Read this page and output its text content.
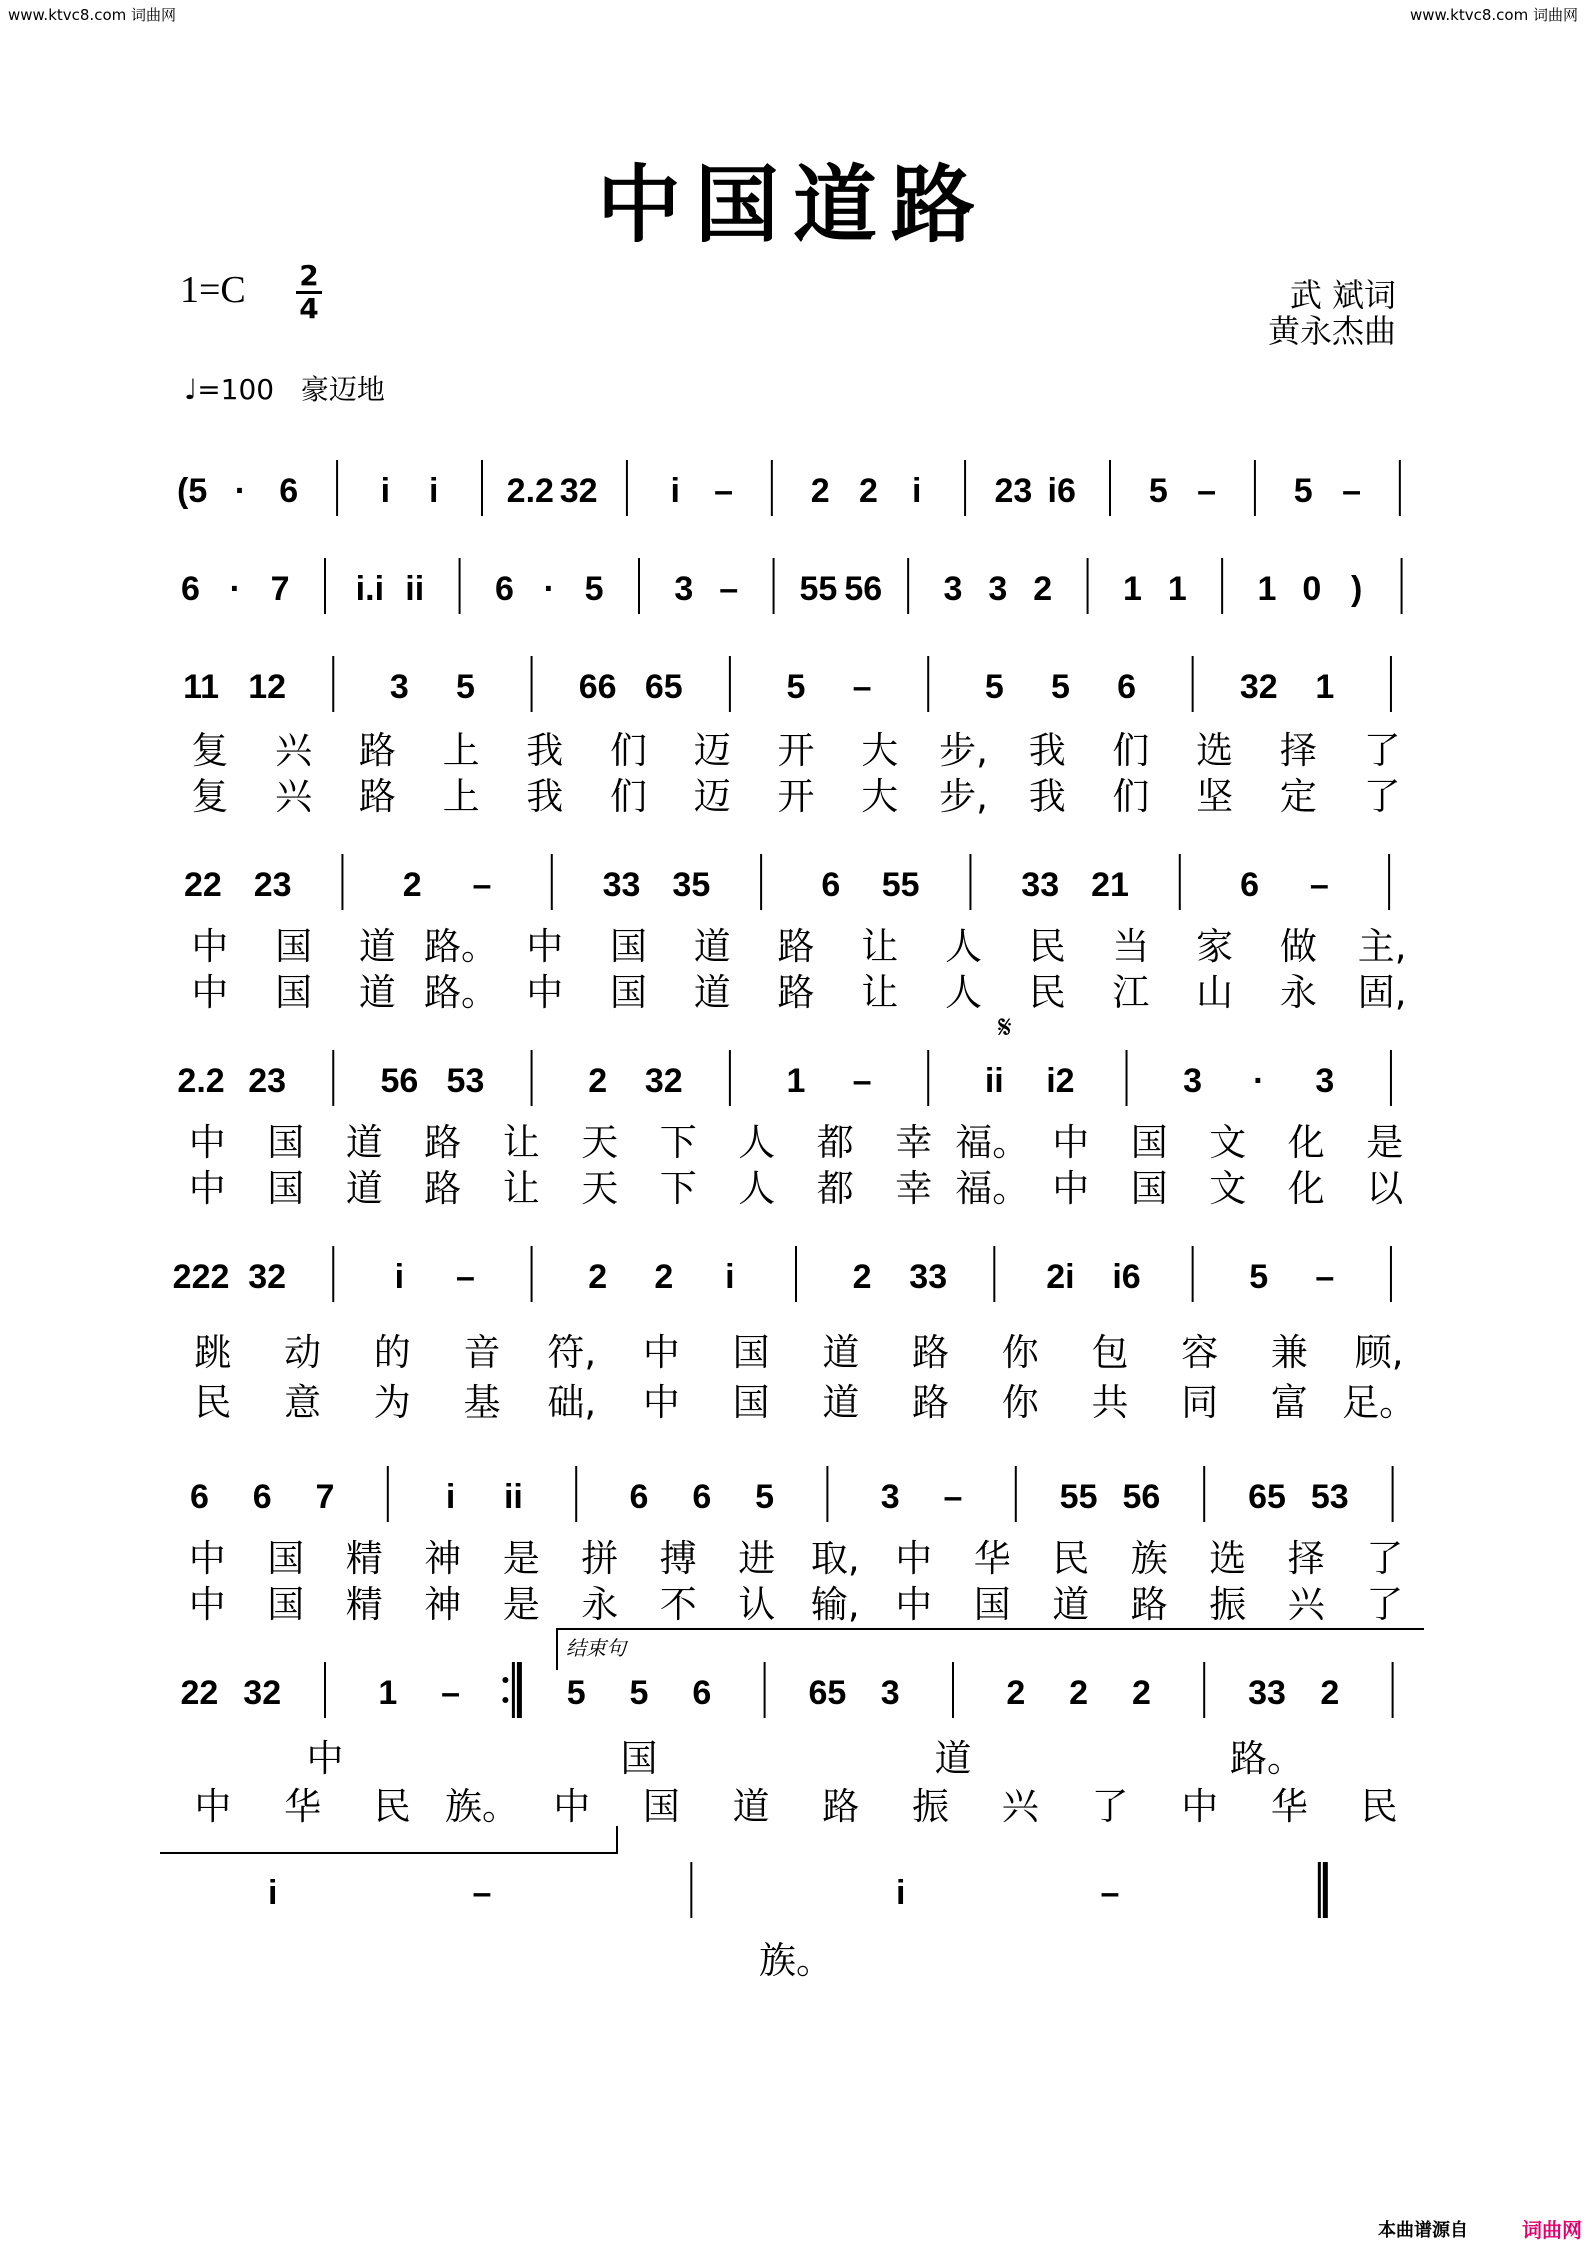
www.ktvc8.com 词曲网	www.ktvc8.com 词曲网
中国道路
1=C 2
4	武 斌词
黄永杰曲
♩=100 豪迈地
𝄋
(5 · 6 i i 2.2 32 i – 2 2 i 23 i6 5 – 5 –
6 · 7 i.i ii 6 · 5 3 – 55 56 3 3 2 1 1 1 0 )
11 12	3 5	66 65	5 –	5 5 6	32 1
复 兴 路 上 我 们 迈 开 大 步, 我 们 选 择 了
复 兴 路 上 我 们 迈 开 大 步, 我 们 坚 定 了
22 23	2 –	33 35	6 55	33 21	6 –
中 国 道 路。 中 国 道 路 让 人 民 当 家 做 主,
中 国 道 路。 中 国 道 路 让 人 民 江 山 永 固,
2.2 23	56 53	2 32	1 –	ii i2	3 · 3
中 国 道 路 让 天 下 人 都 幸 福。 中 国 文 化 是
中 国 道 路 让 天 下 人 都 幸 福。 中 国 文 化 以
222 32	i –	2 2 i	2 33	2i i6	5 –
跳 动 的 音 符, 中 国 道 路 你 包 容 兼 顾,
民 意 为 基 础, 中 国 道 路 你 共 同 富 足。
6 6 7	i ii	6 6 5	3 –	55 56	65 53
中 国 精 神 是 拼 搏 进 取, 中 华 民 族 选 择 了
中 国 精 神 是 永 不 认 输, 中 国 道 路 振 兴 了
结束句
22 32	1 –	5 5 6	65 3	2 2 2	33 2
中	国	道	路。
中 华 民 族。 中 国 道 路 振 兴 了 中 华 民
i	–	i	–
族。
本曲谱源自	词曲网
